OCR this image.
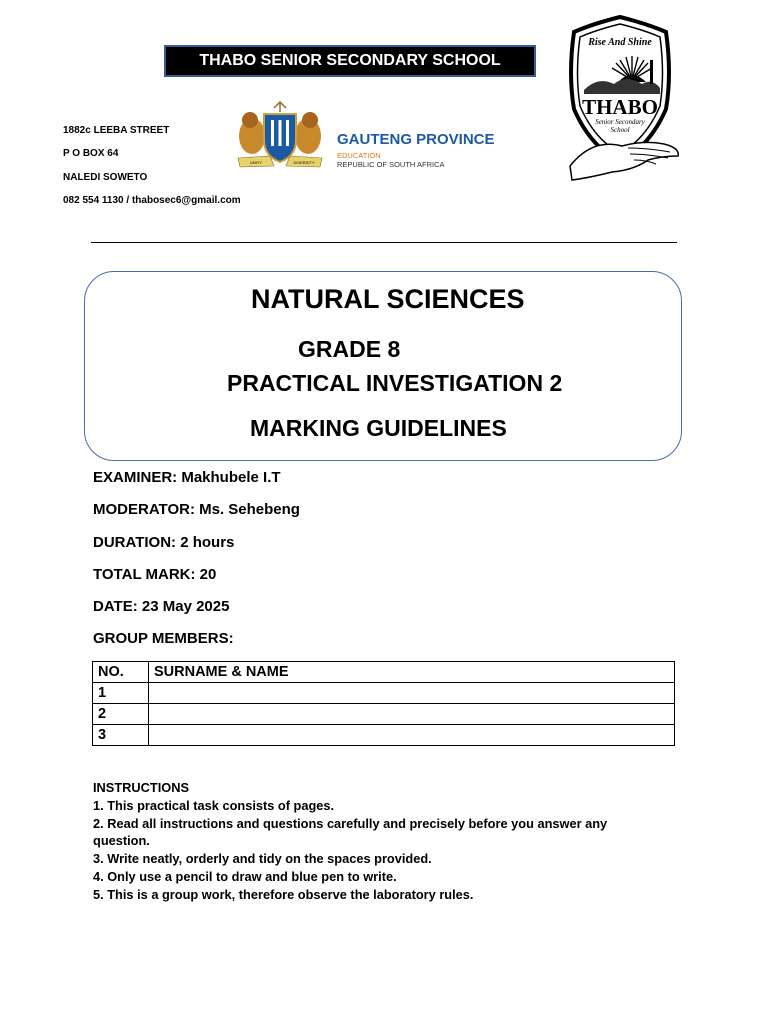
THABO SENIOR SECONDARY SCHOOL
1882c LEEBA STREET
P O BOX 64
NALEDI SOWETO
082 554 1130 / thabosec6@gmail.com
UNITY	DIVERSITY
GAUTENG PROVINCE
EDUCATION
REPUBLIC OF SOUTH AFRICA
Rise And Shine
THABO
Senior Secondary
School
NATURAL SCIENCES
GRADE 8
PRACTICAL INVESTIGATION 2
MARKING GUIDELINES
EXAMINER: Makhubele I.T
MODERATOR: Ms. Sehebeng
DURATION: 2 hours
TOTAL MARK: 20
DATE: 23 May 2025
GROUP MEMBERS:
NO.	SURNAME & NAME
1	
2	
3	
INSTRUCTIONS
1. This practical task consists of pages.
2. Read all instructions and questions carefully and precisely before you answer any question.
3. Write neatly, orderly and tidy on the spaces provided.
4. Only use a pencil to draw and blue pen to write.
5. This is a group work, therefore observe the laboratory rules.
